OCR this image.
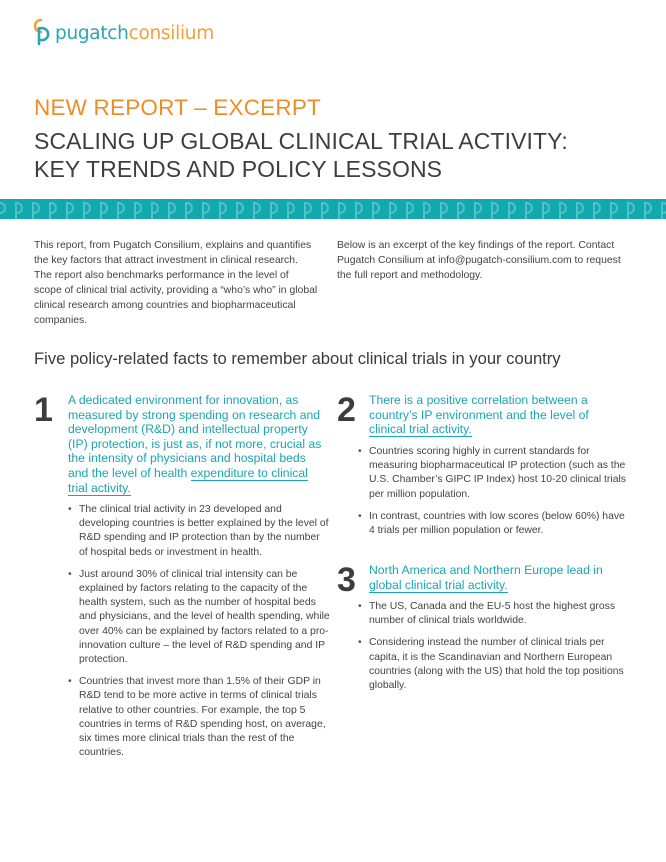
pugatchconsilium
NEW REPORT – EXCERPT
SCALING UP GLOBAL CLINICAL TRIAL ACTIVITY:
KEY TRENDS AND POLICY LESSONS

This report, from Pugatch Consilium, explains and quantifies the key factors that attract investment in clinical research. The report also benchmarks performance in the level of scope of clinical trial activity, providing a “who’s who” in global clinical research among countries and biopharmaceutical companies.

Below is an excerpt of the key findings of the report. Contact Pugatch Consilium at info@pugatch-consilium.com to request the full report and methodology.

Five policy-related facts to remember about clinical trials in your country
1 A dedicated environment for innovation, as measured by strong spending on research and development (R&D) and intellectual property (IP) protection, is just as, if not more, crucial as the intensity of physicians and hospital beds and the level of health expenditure to clinical trial activity.
• The clinical trial activity in 23 developed and developing countries is better explained by the level of R&D spending and IP protection than by the number of hospital beds or investment in health.
• Just around 30% of clinical trial intensity can be explained by factors relating to the capacity of the health system, such as the number of hospital beds and physicians, and the level of health spending, while over 40% can be explained by factors related to a pro-innovation culture – the level of R&D spending and IP protection.
• Countries that invest more than 1.5% of their GDP in R&D tend to be more active in terms of clinical trials relative to other countries. For example, the top 5 countries in terms of R&D spending host, on average, six times more clinical trials than the rest of the countries.
2 There is a positive correlation between a country’s IP environment and the level of clinical trial activity.
• Countries scoring highly in current standards for measuring biopharmaceutical IP protection (such as the U.S. Chamber’s GIPC IP Index) host 10-20 clinical trials per million population.
• In contrast, countries with low scores (below 60%) have 4 trials per million population or fewer.
3 North America and Northern Europe lead in global clinical trial activity.
• The US, Canada and the EU-5 host the highest gross number of clinical trials worldwide.
• Considering instead the number of clinical trials per capita, it is the Scandinavian and Northern European countries (along with the US) that hold the top positions globally.
